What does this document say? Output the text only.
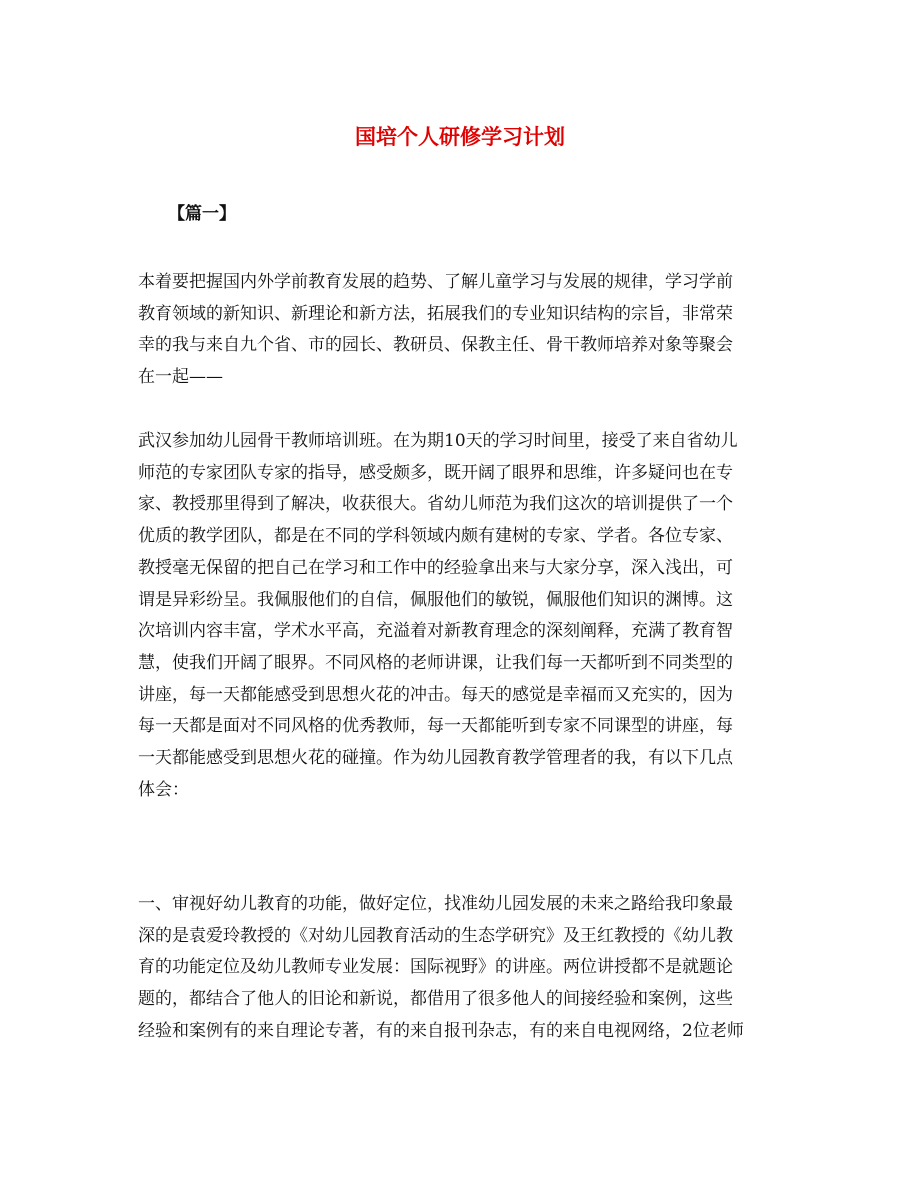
国培个人研修学习计划
【篇一】

本着要把握国内外学前教育发展的趋势、了解儿童学习与发展的规律，学习学前
教育领域的新知识、新理论和新方法，拓展我们的专业知识结构的宗旨，非常荣
幸的我与来自九个省、市的园长、教研员、保教主任、骨干教师培养对象等聚会
在一起——

武汉参加幼儿园骨干教师培训班。在为期10天的学习时间里，接受了来自省幼儿
师范的专家团队专家的指导，感受颇多，既开阔了眼界和思维，许多疑问也在专
家、教授那里得到了解决，收获很大。省幼儿师范为我们这次的培训提供了一个
优质的教学团队，都是在不同的学科领域内颇有建树的专家、学者。各位专家、
教授毫无保留的把自己在学习和工作中的经验拿出来与大家分享，深入浅出，可
谓是异彩纷呈。我佩服他们的自信，佩服他们的敏锐，佩服他们知识的渊博。这
次培训内容丰富，学术水平高，充溢着对新教育理念的深刻阐释，充满了教育智
慧，使我们开阔了眼界。不同风格的老师讲课，让我们每一天都听到不同类型的
讲座，每一天都能感受到思想火花的冲击。每天的感觉是幸福而又充实的，因为
每一天都是面对不同风格的优秀教师，每一天都能听到专家不同课型的讲座，每
一天都能感受到思想火花的碰撞。作为幼儿园教育教学管理者的我，有以下几点
体会：

一、审视好幼儿教育的功能，做好定位，找准幼儿园发展的未来之路给我印象最
深的是袁爱玲教授的《对幼儿园教育活动的生态学研究》及王红教授的《幼儿教
育的功能定位及幼儿教师专业发展：国际视野》的讲座。两位讲授都不是就题论
题的，都结合了他人的旧论和新说，都借用了很多他人的间接经验和案例，这些
经验和案例有的来自理论专著，有的来自报刊杂志，有的来自电视网络，2位老师
